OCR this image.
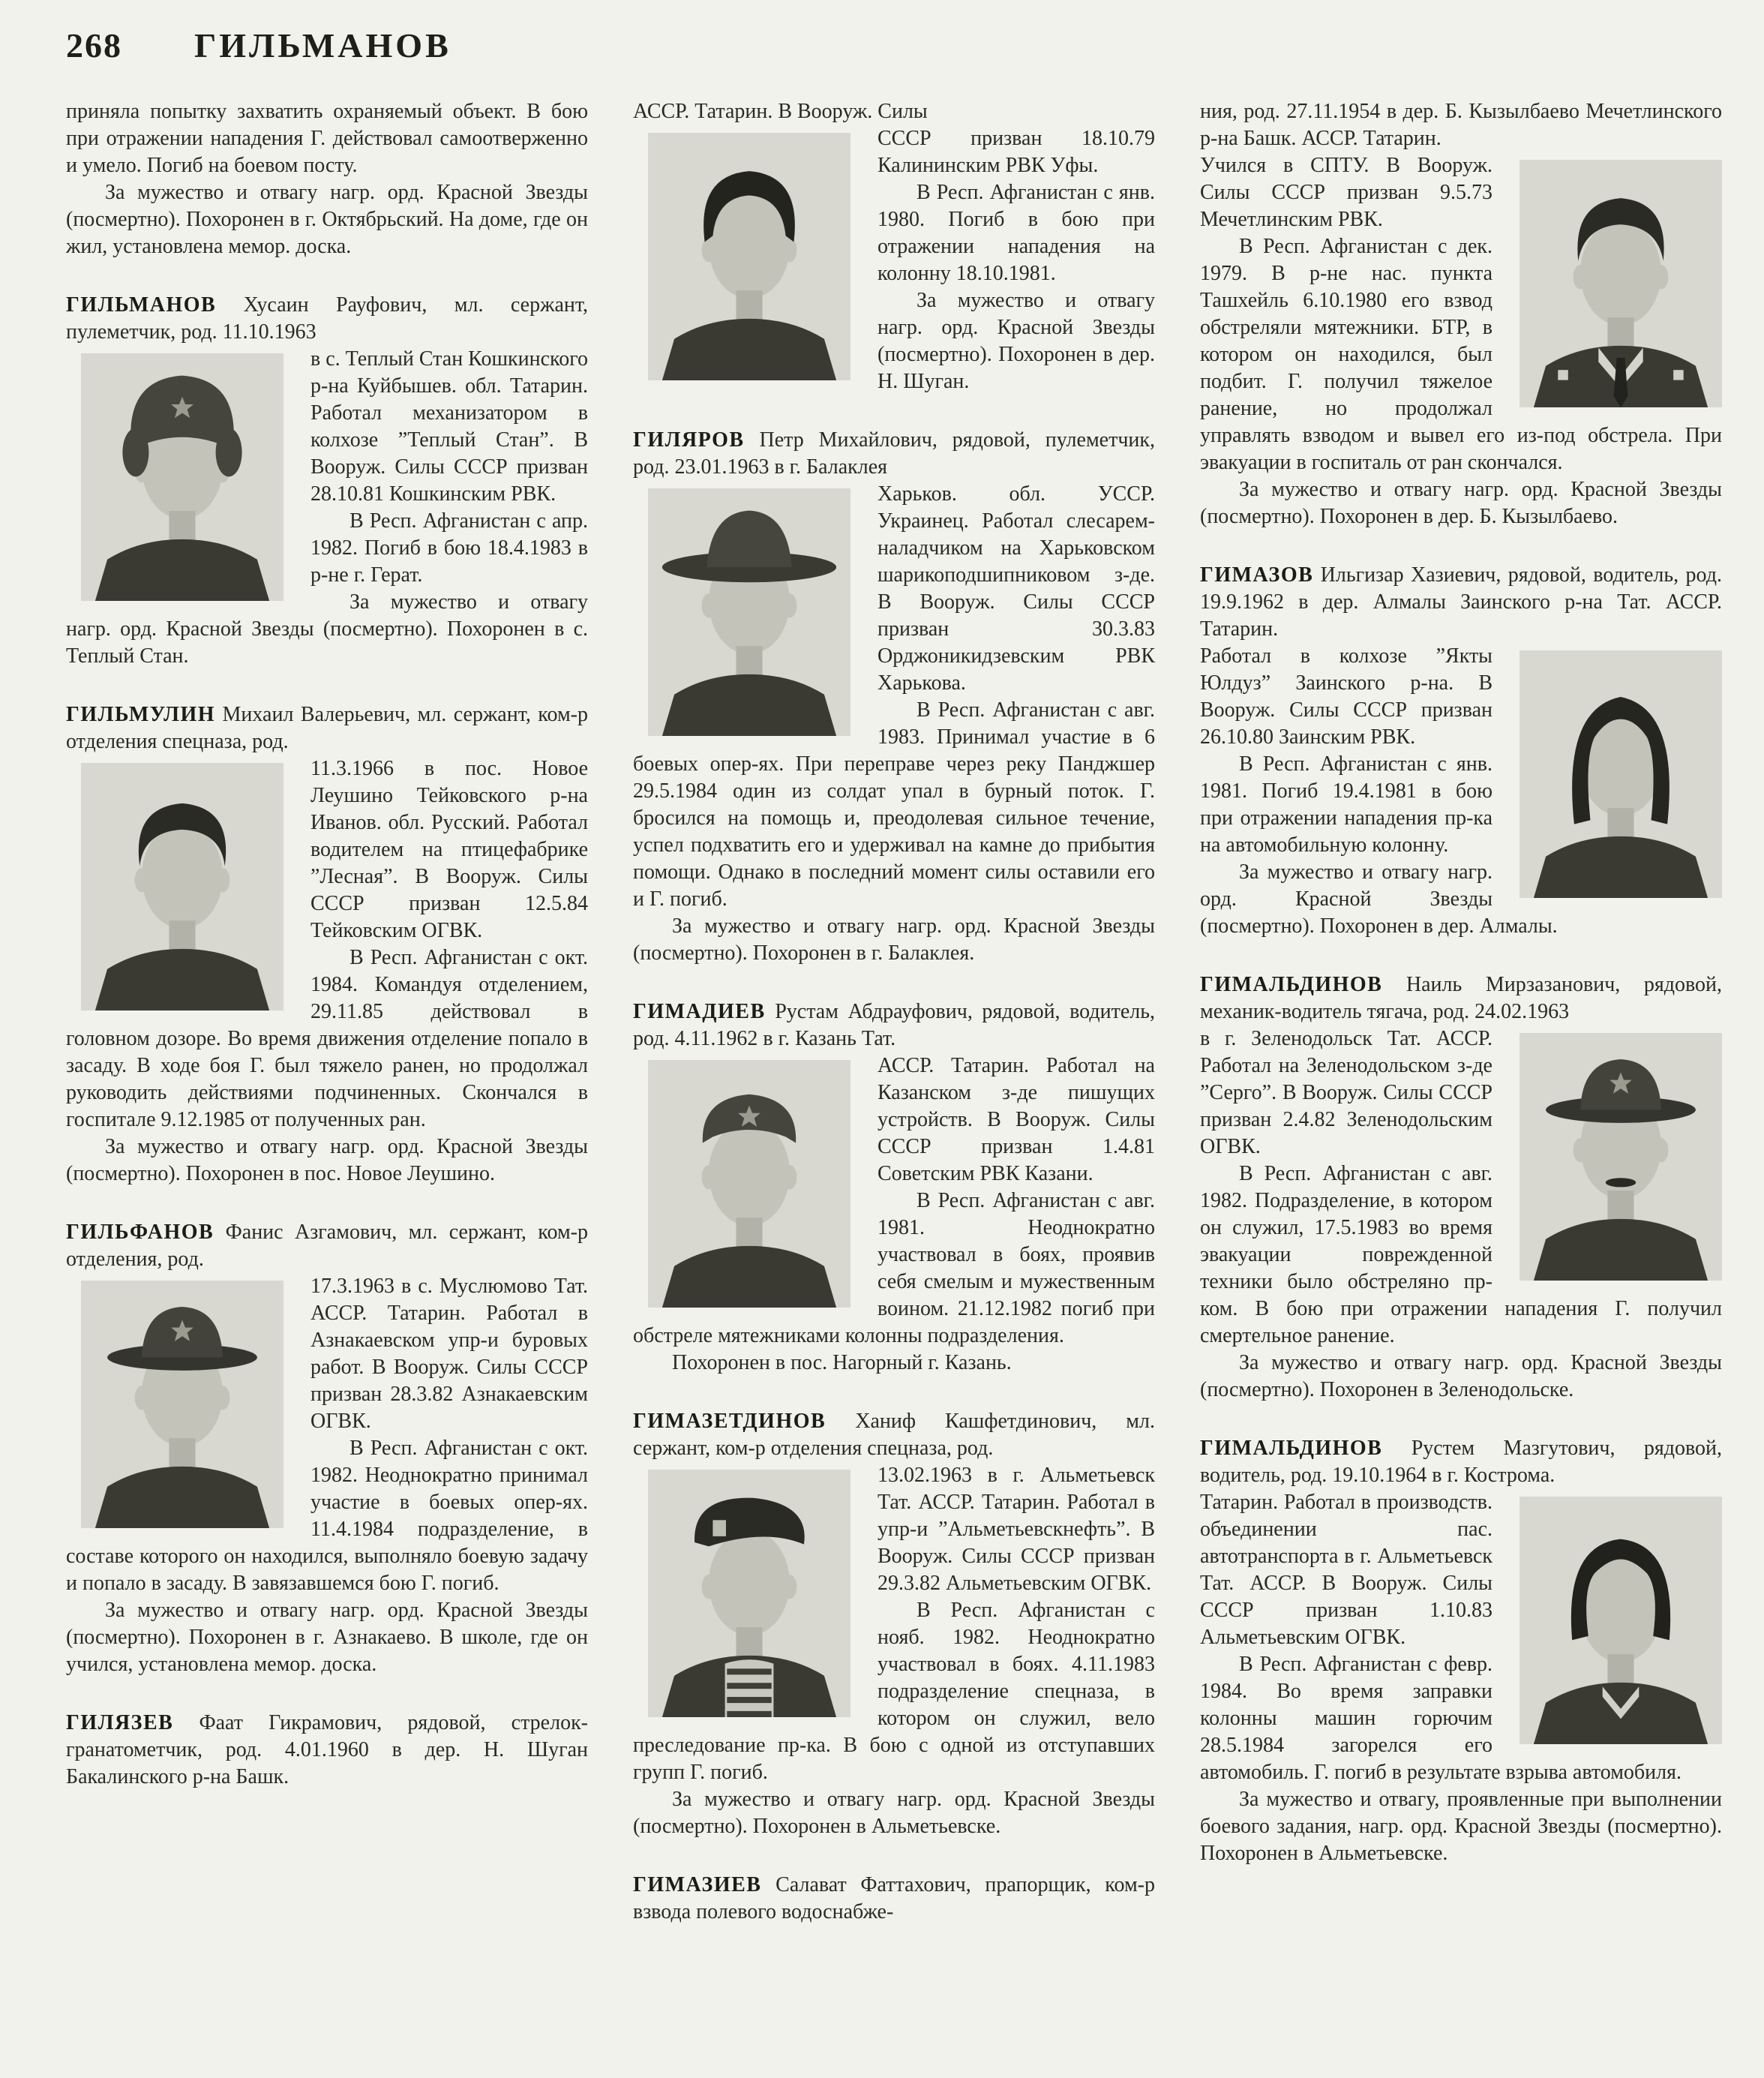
268 ГИЛЬМАНОВ

приняла попытку захватить охраняемый объект. В бою при отражении нападения Г. действовал самоотверженно и умело. Погиб на боевом посту.

За мужество и отвагу нагр. орд. Красной Звезды (посмертно). Похоронен в г. Октябрьский. На доме, где он жил, установлена мемор. доска.

ГИЛЬМАНОВ Хусаин Рауфович, мл. сержант, пулеметчик, род. 11.10.1963

в с. Теплый Стан Кошкинского р-на Куйбышев. обл. Татарин. Работал механизатором в колхозе ”Теплый Стан”. В Вооруж. Силы СССР призван 28.10.81 Кошкинским РВК.

В Респ. Афганистан с апр. 1982. Погиб в бою 18.4.1983 в р-не г. Герат.

За мужество и отвагу нагр. орд. Красной Звезды (посмертно). Похоронен в с. Теплый Стан.

ГИЛЬМУЛИН Михаил Валерьевич, мл. сержант, ком-р отделения спецназа, род.

11.3.1966 в пос. Новое Леушино Тейковского р-на Иванов. обл. Русский. Работал водителем на птицефабрике ”Лесная”. В Вооруж. Силы СССР призван 12.5.84 Тейковским ОГВК.

В Респ. Афганистан с окт. 1984. Командуя отделением, 29.11.85 действовал в головном дозоре. Во время движения отделение попало в засаду. В ходе боя Г. был тяжело ранен, но продолжал руководить действиями подчиненных. Скончался в госпитале 9.12.1985 от полученных ран.

За мужество и отвагу нагр. орд. Красной Звезды (посмертно). Похоронен в пос. Новое Леушино.

ГИЛЬФАНОВ Фанис Азгамович, мл. сержант, ком-р отделения, род.

17.3.1963 в с. Муслюмово Тат. АССР. Татарин. Работал в Азнакаевском упр-и буровых работ. В Вооруж. Силы СССР призван 28.3.82 Азнакаевским ОГВК.

В Респ. Афганистан с окт. 1982. Неоднократно принимал участие в боевых опер-ях. 11.4.1984 подразделение, в составе которого он находился, выполняло боевую задачу и попало в засаду. В завязавшемся бою Г. погиб.

За мужество и отвагу нагр. орд. Красной Звезды (посмертно). Похоронен в г. Азнакаево. В школе, где он учился, установлена мемор. доска.

ГИЛЯЗЕВ Фаат Гикрамович, рядовой, стрелок-гранатометчик, род. 4.01.1960 в дер. Н. Шуган Бакалинского р-на Башк.

АССР. Татарин. В Вооруж. Силы

СССР призван 18.10.79 Калининским РВК Уфы.

В Респ. Афганистан с янв. 1980. Погиб в бою при отражении нападения на колонну 18.10.1981.

За мужество и отвагу нагр. орд. Красной Звезды (посмертно). Похоронен в дер. Н. Шуган.

ГИЛЯРОВ Петр Михайлович, рядовой, пулеметчик, род. 23.01.1963 в г. Балаклея

Харьков. обл. УССР. Украинец. Работал слесарем-наладчиком на Харьковском шарикоподшипниковом з-де. В Вооруж. Силы СССР призван 30.3.83 Орджоникидзевским РВК Харькова.

В Респ. Афганистан с авг. 1983. Принимал участие в 6 боевых опер-ях. При переправе через реку Панджшер 29.5.1984 один из солдат упал в бурный поток. Г. бросился на помощь и, преодолевая сильное течение, успел подхватить его и удерживал на камне до прибытия помощи. Однако в последний момент силы оставили его и Г. погиб.

За мужество и отвагу нагр. орд. Красной Звезды (посмертно). Похоронен в г. Балаклея.

ГИМАДИЕВ Рустам Абдрауфович, рядовой, водитель, род. 4.11.1962 в г. Казань Тат.

АССР. Татарин. Работал на Казанском з-де пишущих устройств. В Вооруж. Силы СССР призван 1.4.81 Советским РВК Казани.

В Респ. Афганистан с авг. 1981. Неоднократно участвовал в боях, проявив себя смелым и мужественным воином. 21.12.1982 погиб при обстреле мятежниками колонны подразделения.

Похоронен в пос. Нагорный г. Казань.

ГИМАЗЕТДИНОВ Ханиф Кашфетдинович, мл. сержант, ком-р отделения спецназа, род.

13.02.1963 в г. Альметьевск Тат. АССР. Татарин. Работал в упр-и ”Альметьевскнефть”. В Вооруж. Силы СССР призван 29.3.82 Альметьевским ОГВК.

В Респ. Афганистан с нояб. 1982. Неоднократно участвовал в боях. 4.11.1983 подразделение спецназа, в котором он служил, вело преследование пр-ка. В бою с одной из отступавших групп Г. погиб.

За мужество и отвагу нагр. орд. Красной Звезды (посмертно). Похоронен в Альметьевске.

ГИМАЗИЕВ Салават Фаттахович, прапорщик, ком-р взвода полевого водоснабже-

ния, род. 27.11.1954 в дер. Б. Кызылбаево Мечетлинского р-на Башк. АССР. Татарин.

Учился в СПТУ. В Вооруж. Силы СССР призван 9.5.73 Мечетлинским РВК.

В Респ. Афганистан с дек. 1979. В р-не нас. пункта Ташхейль 6.10.1980 его взвод обстреляли мятежники. БТР, в котором он находился, был подбит. Г. получил тяжелое ранение, но продолжал управлять взводом и вывел его из-под обстрела. При эвакуации в госпиталь от ран скончался.

За мужество и отвагу нагр. орд. Красной Звезды (посмертно). Похоронен в дер. Б. Кызылбаево.

ГИМАЗОВ Ильгизар Хазиевич, рядовой, водитель, род. 19.9.1962 в дер. Алмалы Заинского р-на Тат. АССР. Татарин.

Работал в колхозе ”Якты Юлдуз” Заинского р-на. В Вооруж. Силы СССР призван 26.10.80 Заинским РВК.

В Респ. Афганистан с янв. 1981. Погиб 19.4.1981 в бою при отражении нападения пр-ка на автомобильную колонну.

За мужество и отвагу нагр. орд. Красной Звезды (посмертно). Похоронен в дер. Алмалы.

ГИМАЛЬДИНОВ Наиль Мирзазанович, рядовой, механик-водитель тягача, род. 24.02.1963

в г. Зеленодольск Тат. АССР. Работал на Зеленодольском з-де ”Серго”. В Вооруж. Силы СССР призван 2.4.82 Зеленодольским ОГВК.

В Респ. Афганистан с авг. 1982. Подразделение, в котором он служил, 17.5.1983 во время эвакуации поврежденной техники было обстреляно пр-ком. В бою при отражении нападения Г. получил смертельное ранение.

За мужество и отвагу нагр. орд. Красной Звезды (посмертно). Похоронен в Зеленодольске.

ГИМАЛЬДИНОВ Рустем Мазгутович, рядовой, водитель, род. 19.10.1964 в г. Кострома.

Татарин. Работал в производств. объединении пас. автотранспорта в г. Альметьевск Тат. АССР. В Вооруж. Силы СССР призван 1.10.83 Альметьевским ОГВК.

В Респ. Афганистан с февр. 1984. Во время заправки колонны машин горючим 28.5.1984 загорелся его автомобиль. Г. погиб в результате взрыва автомобиля.

За мужество и отвагу, проявленные при выполнении боевого задания, нагр. орд. Красной Звезды (посмертно). Похоронен в Альметьевске.
